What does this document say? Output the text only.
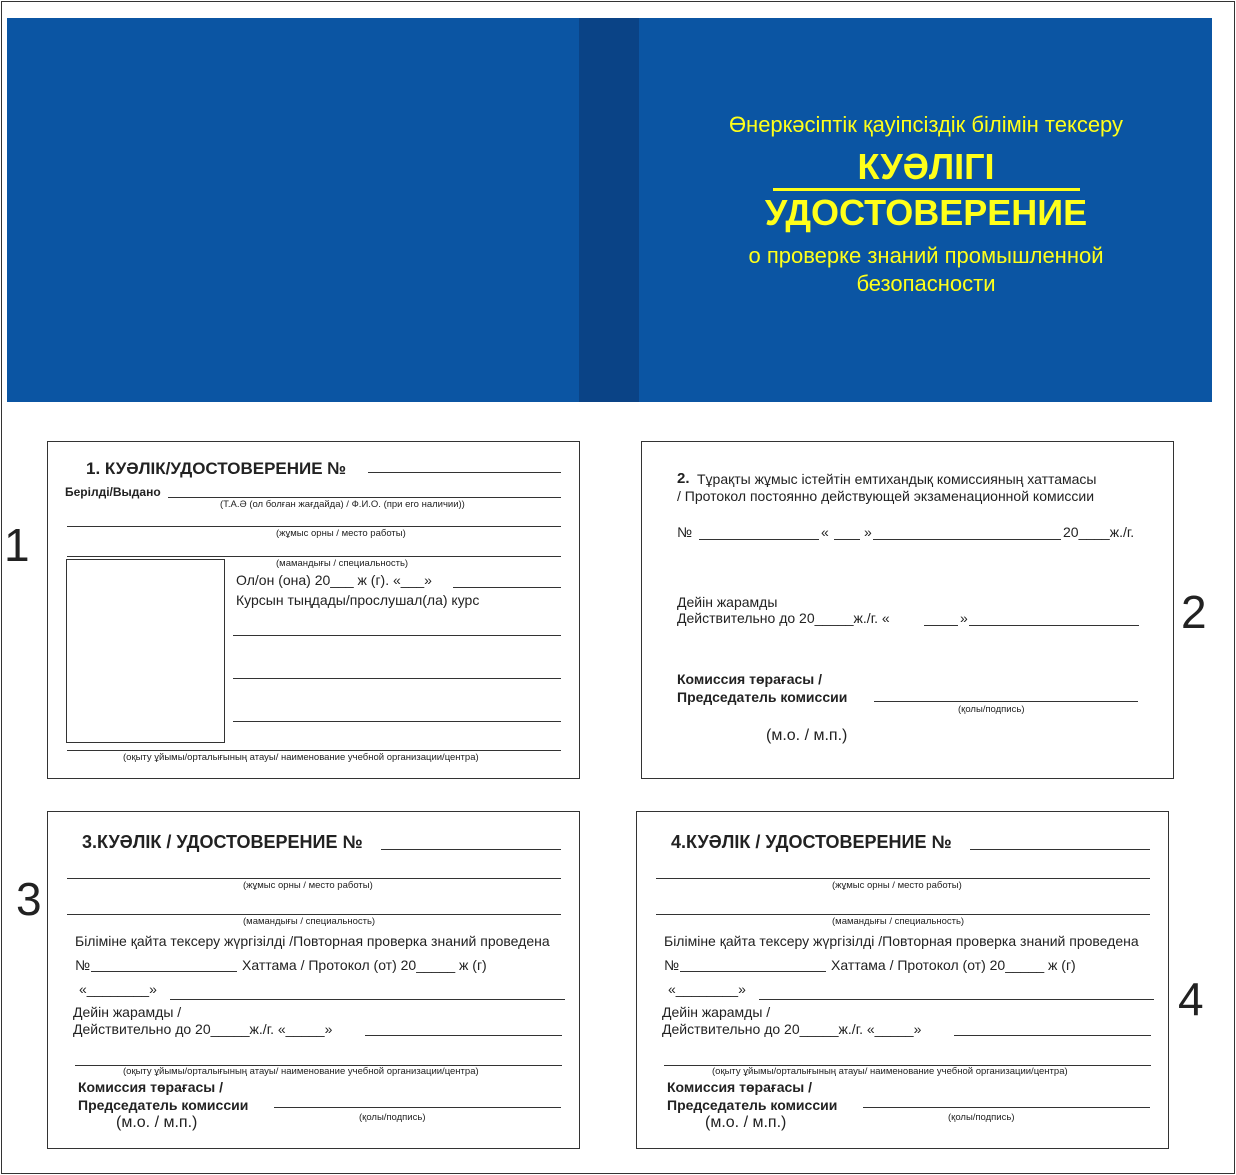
Өнеркәсіптік қауіпсіздік білімін тексеру
КУӘЛІГІ
УДОСТОВЕРЕНИЕ
о проверке знаний промышленной
безопасности
1
2
3
4
1. КУӘЛІК/УДОСТОВЕРЕНИЕ №
Берілді/Выдано
(Т.А.Ә (ол болған жағдайда) / Ф.И.О. (при его наличии))
(жұмыс орны / место работы)
(мамандығы / специальность)
Ол/он (она) 20___ ж (г). «___»
Курсын тыңдады/прослушал(ла) курс
(оқыту ұйымы/орталығының атауы/ наименование учебной организации/центра)
2. Тұрақты жұмыс істейтін емтихандық комиссияның хаттамасы
/ Протокол постоянно действующей экзаменационной комиссии
№	«	»	20____ж./г.
Дейін жарамды
Действительно до 20_____ж./г. «	»
Комиссия төрағасы /
Председатель комиссии
(қолы/подпись)
(м.о. / м.п.)
3.КУӘЛІК / УДОСТОВЕРЕНИЕ №
(жұмыс орны / место работы)
(мамандығы / специальность)
Біліміне қайта тексеру жүргізілді /Повторная проверка знаний проведена
№	Хаттама / Протокол (от) 20_____ ж (г)
«________»
Дейін жарамды /
Действительно до 20_____ж./г. «_____»
(оқыту ұйымы/орталығының атауы/ наименование учебной организации/центра)
Комиссия төрағасы /
Председатель комиссии
(м.о. / м.п.)	(қолы/подпись)
4.КУӘЛІК / УДОСТОВЕРЕНИЕ №
(жұмыс орны / место работы)
(мамандығы / специальность)
Біліміне қайта тексеру жүргізілді /Повторная проверка знаний проведена
№	Хаттама / Протокол (от) 20_____ ж (г)
«________»
Дейін жарамды /
Действительно до 20_____ж./г. «_____»
(оқыту ұйымы/орталығының атауы/ наименование учебной организации/центра)
Комиссия төрағасы /
Председатель комиссии
(м.о. / м.п.)	(қолы/подпись)
